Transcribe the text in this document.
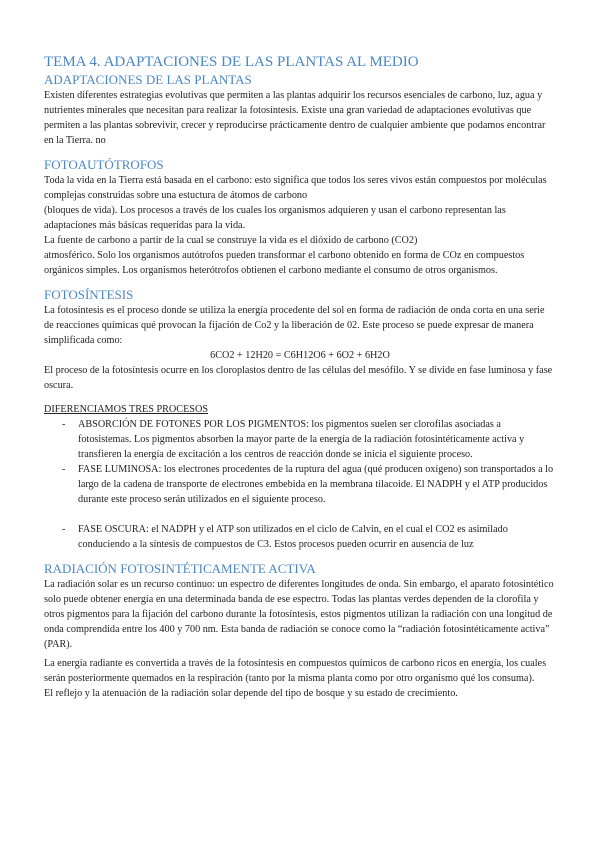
TEMA 4. ADAPTACIONES DE LAS PLANTAS AL MEDIO
ADAPTACIONES DE LAS PLANTAS

Existen diferentes estrategias evolutivas que permiten a las plantas adquirir los recursos esenciales de carbono, luz, agua y nutrientes minerales que necesitan para realizar la fotosíntesis. Existe una gran variedad de adaptaciones evolutivas que permiten a las plantas sobrevivir, crecer y reproducirse prácticamente dentro de cualquier ambiente que podamos encontrar en la Tierra. no

FOTOAUTÓTROFOS

Toda la vida en la Tierra está basada en el carbono: esto significa que todos los seres vivos están compuestos por moléculas complejas construidas sobre una estuctura de átomos de carbono

(bloques de vida). Los procesos a través de los cuales los organismos adquieren y usan el carbono representan las adaptaciones más básicas requeridas para la vida.

La fuente de carbono a partir de la cual se construye la vida es el dióxido de carbono (CO2)

atmosférico. Solo los organismos autótrofos pueden transformar el carbono obtenido en forma de COz en compuestos orgánicos simples. Los organismos heterótrofos obtienen el carbono mediante el consumo de otros organismos.

FOTOSÍNTESIS

La fotosíntesis es el proceso donde se utiliza la energía procedente del sol en forma de radiación de onda corta en una serie de reacciones químicas qué provocan la fijación de Co2 y la liberación de 02. Este proceso se puede expresar de manera simplificada como:

6CO2 + 12H20 = C6H12O6 + 6O2 + 6H2O

El proceso de la fotosíntesis ocurre en los cloroplastos dentro de las células del mesófilo. Y se divide en fase luminosa y fase oscura.

DIFERENCIAMOS TRES PROCESOS

- ABSORCIÓN DE FOTONES POR LOS PIGMENTOS: los pigmentos suelen ser clorofilas asociadas a fotosistemas. Los pigmentos absorben la mayor parte de la energía de la radiación fotosintéticamente activa y transfieren la energía de excitación a los centros de reacción donde se inicia el siguiente proceso.
- FASE LUMINOSA: los electrones procedentes de la ruptura del agua (qué producen oxígeno) son transportados a lo largo de la cadena de transporte de electrones embebida en la membrana tilacoide. El NADPH y el ATP producidos durante este proceso serán utilizados en el siguiente proceso.
- FASE OSCURA: el NADPH y el ATP son utilizados en el ciclo de Calvin, en el cual el CO2 es asimilado conduciendo a la síntesis de compuestos de C3. Estos procesos pueden ocurrir en ausencia de luz
RADIACIÓN FOTOSINTÉTICAMENTE ACTIVA

La radiación solar es un recurso continuo: un espectro de diferentes longitudes de onda. Sin embargo, el aparato fotosintético solo puede obtener energía en una determinada banda de ese espectro. Todas las plantas verdes dependen de la clorofila y otros pigmentos para la fijación del carbono durante la fotosíntesis, estos pigmentos utilizan la radiación con una longitud de onda comprendida entre los 400 y 700 nm. Esta banda de radiación se conoce como la “radiación fotosintéticamente activa” (PAR).

La energía radiante es convertida a través de la fotosíntesis en compuestos químicos de carbono ricos en energía, los cuales serán posteriormente quemados en la respiración (tanto por la misma planta como por otro organismo qué los consuma).

El reflejo y la atenuación de la radiación solar depende del tipo de bosque y su estado de crecimiento.
